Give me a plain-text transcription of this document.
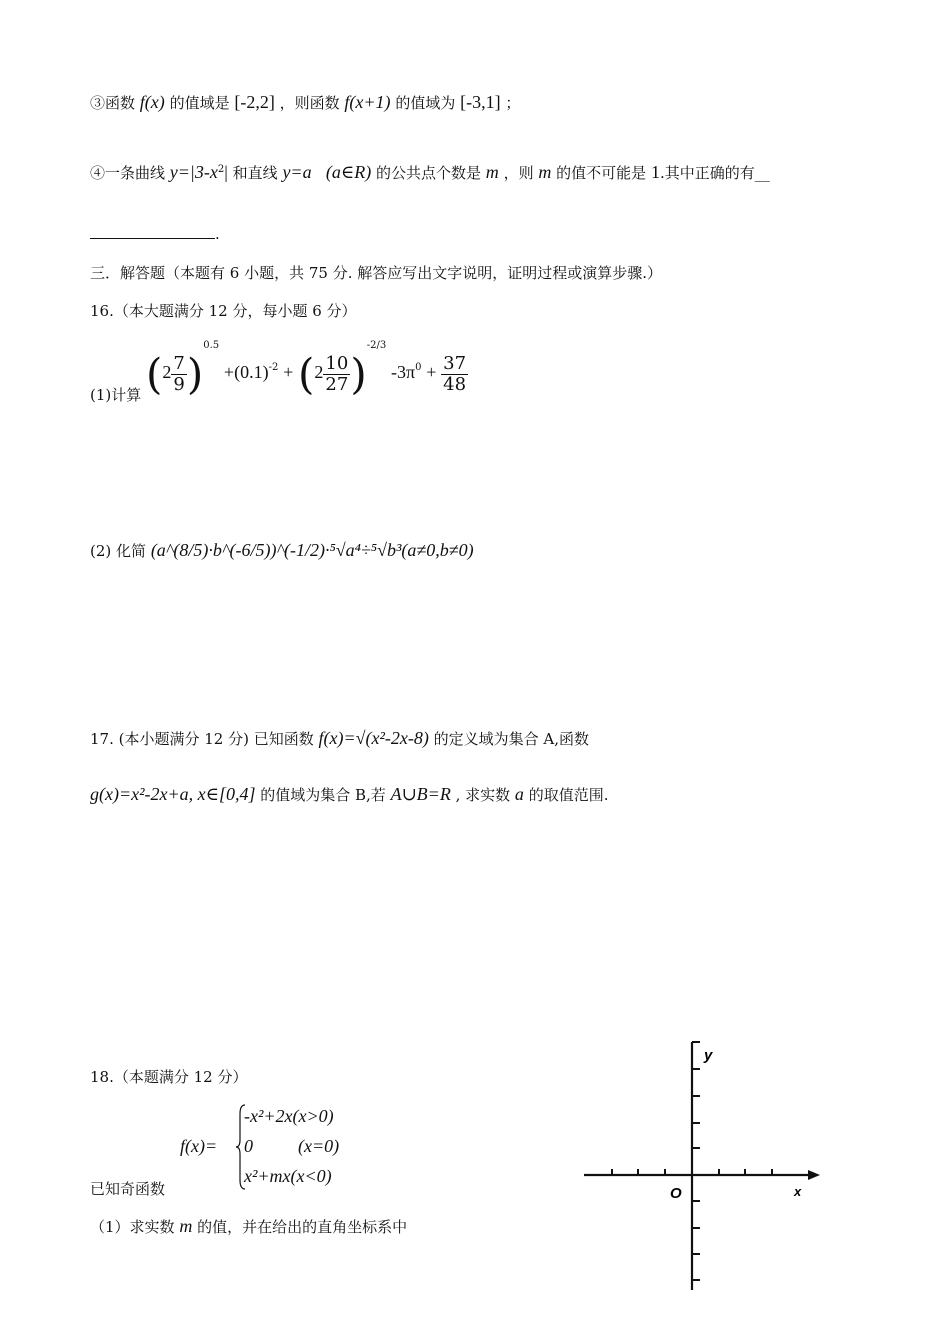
③函数 f(x) 的值域是 [-2,2] ，则函数 f(x+1) 的值域为 [-3,1] ；
④一条曲线 $y=|3-x^2|$ 和直线 y=a (a∈R) 的公共点个数是 m ，则 m 的值不可能是 1.其中正确的有__
.
三．解答题（本题有 6 小题，共 75 分. 解答应写出文字说明，证明过程或演算步骤.）
16.（本大题满分 12 分，每小题 6 分）
(1)计算 $(2 \frac{7}{9} )^{0.5} +(0.1)^{-2} + (2 \frac{10}{27} )^{-2/3}$ $-3\pi^0 + \frac{37}{48}$
(2) 化简 (a^(8/5)·b^(-6/5))^(-1/2)·⁵√a⁴÷⁵√b³(a≠0,b≠0)
17. (本小题满分 12 分) 已知函数 f(x)=√(x²-2x-8) 的定义域为集合 A,函数
g(x)=x²-2x+a, x∈[0,4] 的值域为集合 B,若 A∪B=R , 求实数 a 的取值范围.
18.（本题满分 12 分）
f(x)=
-x²+2x(x>0)
0          (x=0)
x²+mx(x<0)
已知奇函数
（1）求实数 m 的值，并在给出的直角坐标系中
y
x
O
